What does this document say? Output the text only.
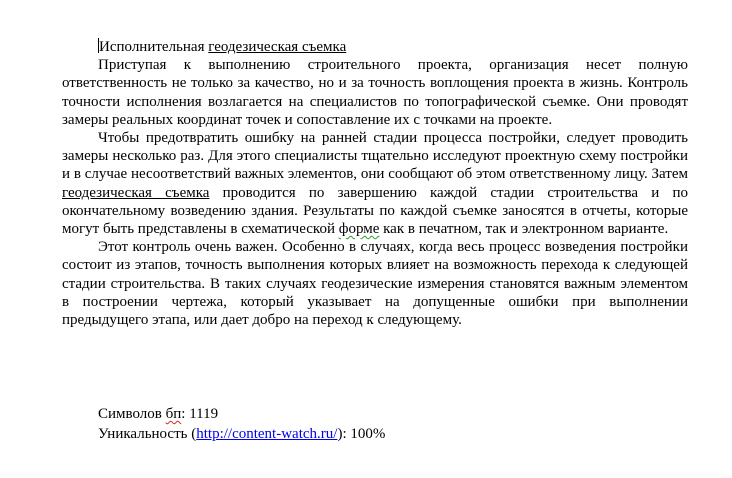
Исполнительная геодезическая съемка

Приступая к выполнению строительного проекта, организация несет полную ответственность не только за качество, но и за точность воплощения проекта в жизнь. Контроль точности исполнения возлагается на специалистов по топографической съемке. Они проводят замеры реальных координат точек и сопоставление их с точками на проекте.

Чтобы предотвратить ошибку на ранней стадии процесса постройки, следует проводить замеры несколько раз. Для этого специалисты тщательно исследуют проектную схему постройки и в случае несоответствий важных элементов, они сообщают об этом ответственному лицу. Затем геодезическая съемка проводится по завершению каждой стадии строительства и по окончательному возведению здания. Результаты по каждой съемке заносятся в отчеты, которые могут быть представлены в схематической форме как в печатном, так и электронном варианте.

Этот контроль очень важен. Особенно в случаях, когда весь процесс возведения постройки состоит из этапов, точность выполнения которых влияет на возможность перехода к следующей стадии строительства. В таких случаях геодезические измерения становятся важным элементом в построении чертежа, который указывает на допущенные ошибки при выполнении предыдущего этапа, или дает добро на переход к следующему.

Символов бп: 1119

Уникальность (http://content-watch.ru/): 100%
